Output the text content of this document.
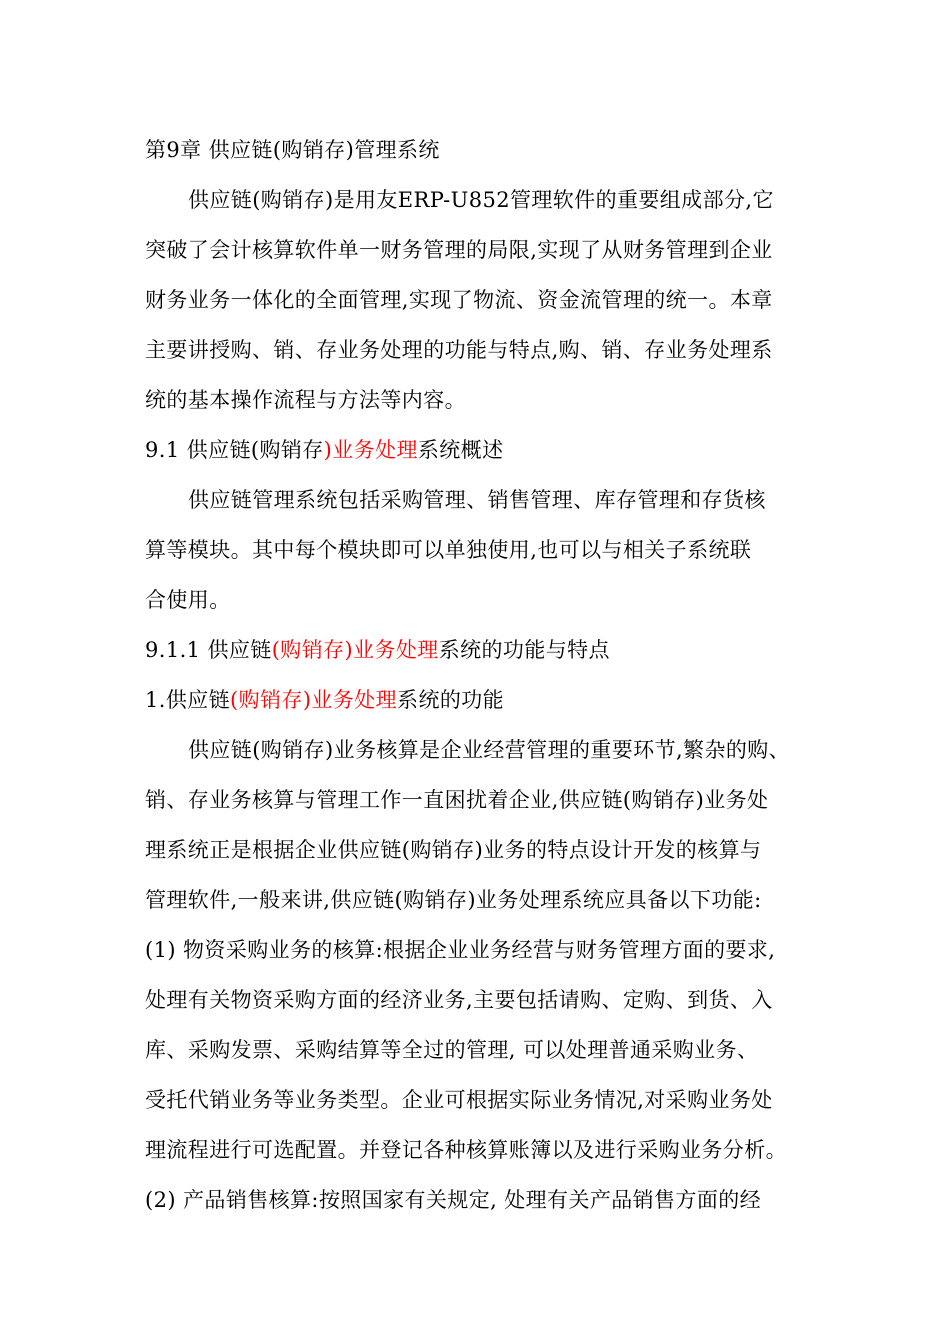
第9章 供应链(购销存)管理系统
供应链(购销存)是用友ERP-U852管理软件的重要组成部分,它
突破了会计核算软件单一财务管理的局限,实现了从财务管理到企业
财务业务一体化的全面管理,实现了物流、资金流管理的统一。本章
主要讲授购、销、存业务处理的功能与特点,购、销、存业务处理系
统的基本操作流程与方法等内容。
9.1 供应链(购销存)业务处理系统概述
供应链管理系统包括采购管理、销售管理、库存管理和存货核
算等模块。其中每个模块即可以单独使用,也可以与相关子系统联
合使用。
9.1.1 供应链(购销存)业务处理系统的功能与特点
1.供应链(购销存)业务处理系统的功能
供应链(购销存)业务核算是企业经营管理的重要环节,繁杂的购、
销、存业务核算与管理工作一直困扰着企业,供应链(购销存)业务处
理系统正是根据企业供应链(购销存)业务的特点设计开发的核算与
管理软件,一般来讲,供应链(购销存)业务处理系统应具备以下功能:
(1) 物资采购业务的核算:根据企业业务经营与财务管理方面的要求,
处理有关物资采购方面的经济业务,主要包括请购、定购、到货、入
库、采购发票、采购结算等全过的管理, 可以处理普通采购业务、
受托代销业务等业务类型。企业可根据实际业务情况,对采购业务处
理流程进行可选配置。并登记各种核算账簿以及进行采购业务分析。
(2) 产品销售核算:按照国家有关规定, 处理有关产品销售方面的经
